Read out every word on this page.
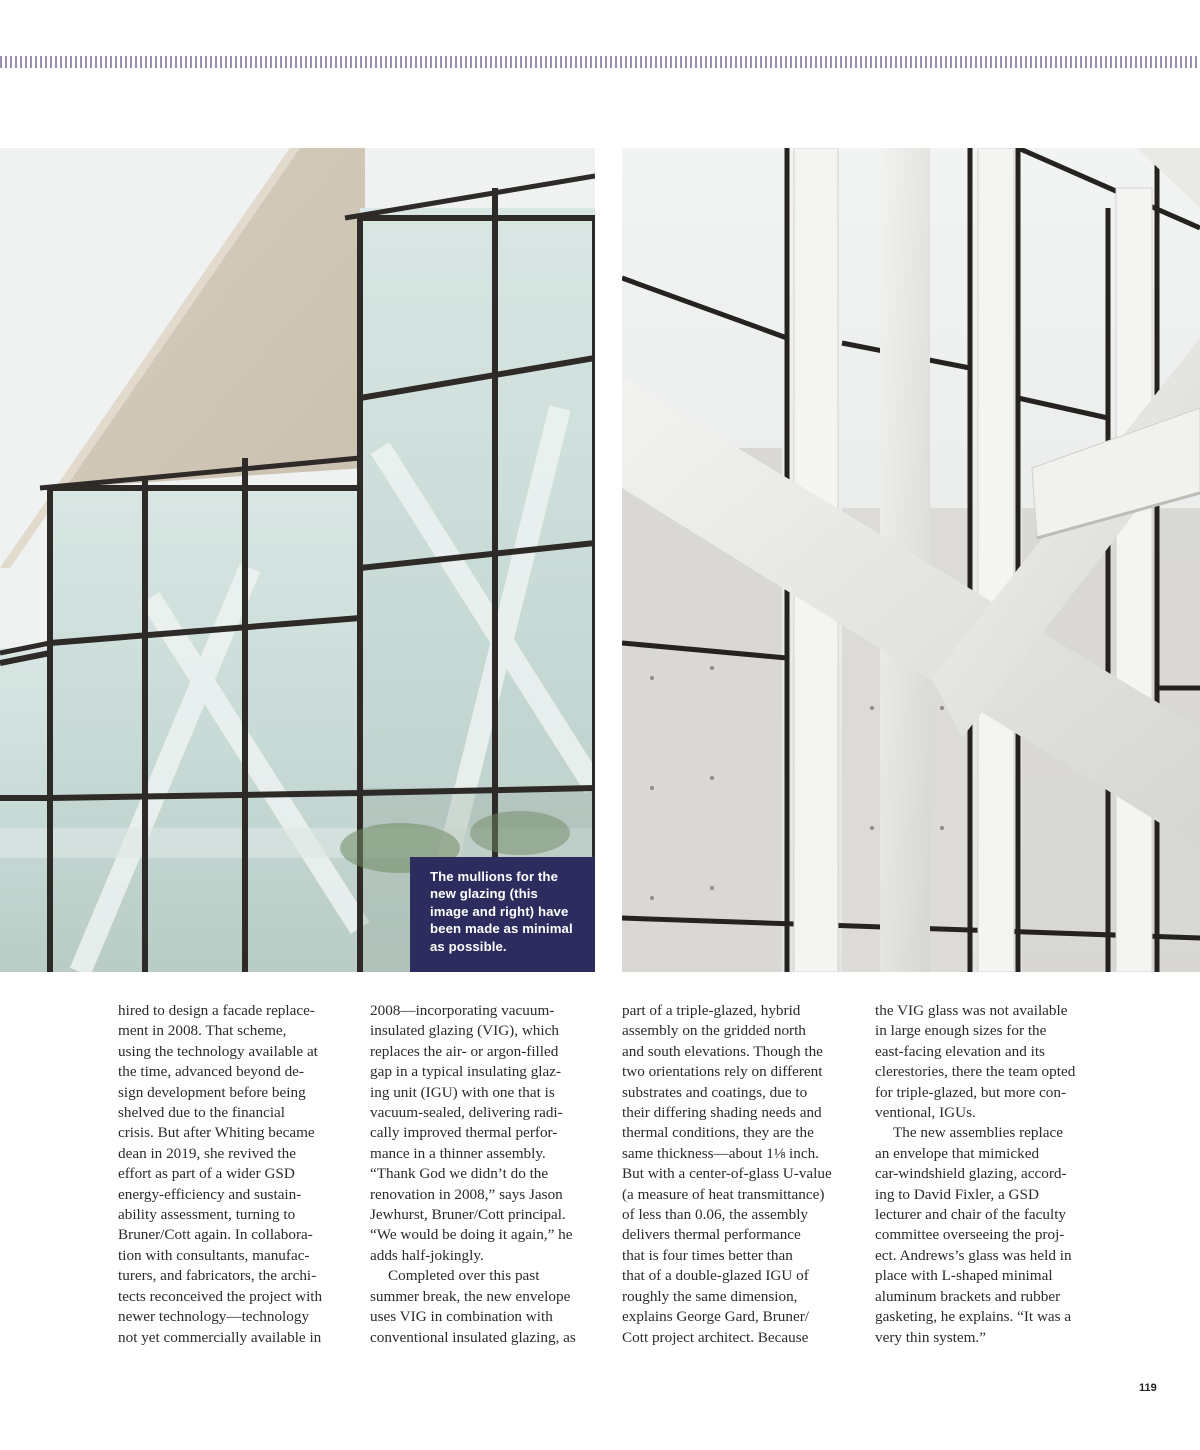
The mullions for the

new glazing (this

image and right) have

been made as minimal

as possible.

hired to design a facade replace-

ment in 2008. That scheme,

using the technology available at

the time, advanced beyond de-

sign development before being

shelved due to the financial

crisis. But after Whiting became

dean in 2019, she revived the

effort as part of a wider GSD

energy-efficiency and sustain-

ability assessment, turning to

Bruner/Cott again. In collabora-

tion with consultants, manufac-

turers, and fabricators, the archi-

tects reconceived the project with

newer technology—technology

not yet commercially available in

2008—incorporating vacuum-

insulated glazing (VIG), which

replaces the air- or argon-filled

gap in a typical insulating glaz-

ing unit (IGU) with one that is

vacuum-sealed, delivering radi-

cally improved thermal perfor-

mance in a thinner assembly.

“Thank God we didn’t do the

renovation in 2008,” says Jason

Jewhurst, Bruner/Cott principal.

“We would be doing it again,” he

adds half-jokingly.

Completed over this past

summer break, the new envelope

uses VIG in combination with

conventional insulated glazing, as

part of a triple-glazed, hybrid

assembly on the gridded north

and south elevations. Though the

two orientations rely on different

substrates and coatings, due to

their differing shading needs and

thermal conditions, they are the

same thickness—about 1⅛ inch.

But with a center-of-glass U-value

(a measure of heat transmittance)

of less than 0.06, the assembly

delivers thermal performance

that is four times better than

that of a double-glazed IGU of

roughly the same dimension,

explains George Gard, Bruner/

Cott project architect. Because

the VIG glass was not available

in large enough sizes for the

east-facing elevation and its

clerestories, there the team opted

for triple-glazed, but more con-

ventional, IGUs.

The new assemblies replace

an envelope that mimicked

car-windshield glazing, accord-

ing to David Fixler, a GSD

lecturer and chair of the faculty

committee overseeing the proj-

ect. Andrews’s glass was held in

place with L-shaped minimal

aluminum brackets and rubber

gasketing, he explains. “It was a

very thin system.”

119
